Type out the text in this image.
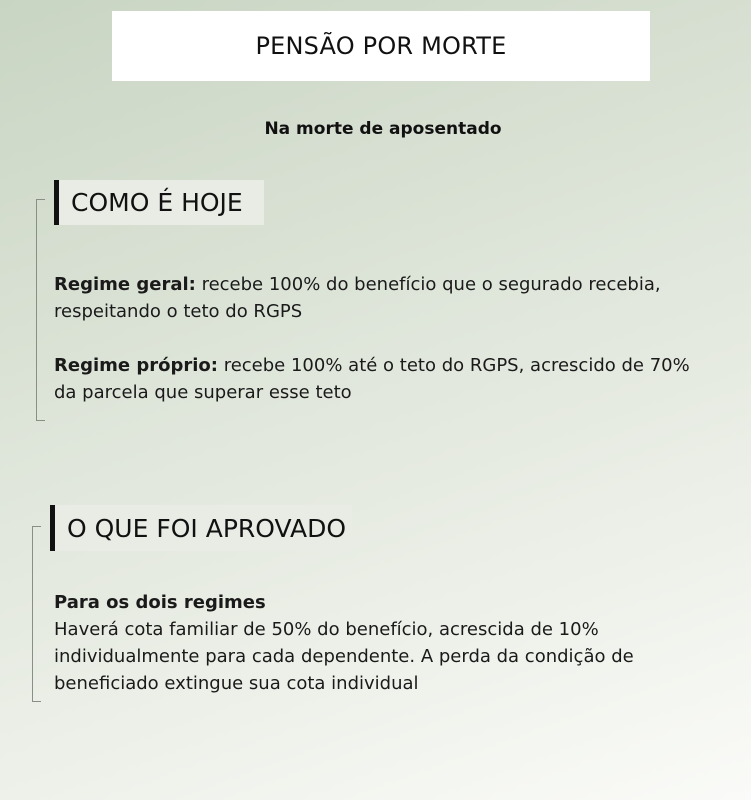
PENSÃO POR MORTE
Na morte de aposentado
COMO É HOJE
Regime geral: recebe 100% do benefício que o segurado recebia, respeitando o teto do RGPS
Regime próprio: recebe 100% até o teto do RGPS, acrescido de 70% da parcela que superar esse teto
O QUE FOI APROVADO
Para os dois regimes
Haverá cota familiar de 50% do benefício, acrescida de 10% individualmente para cada dependente. A perda da condição de beneficiado extingue sua cota individual
